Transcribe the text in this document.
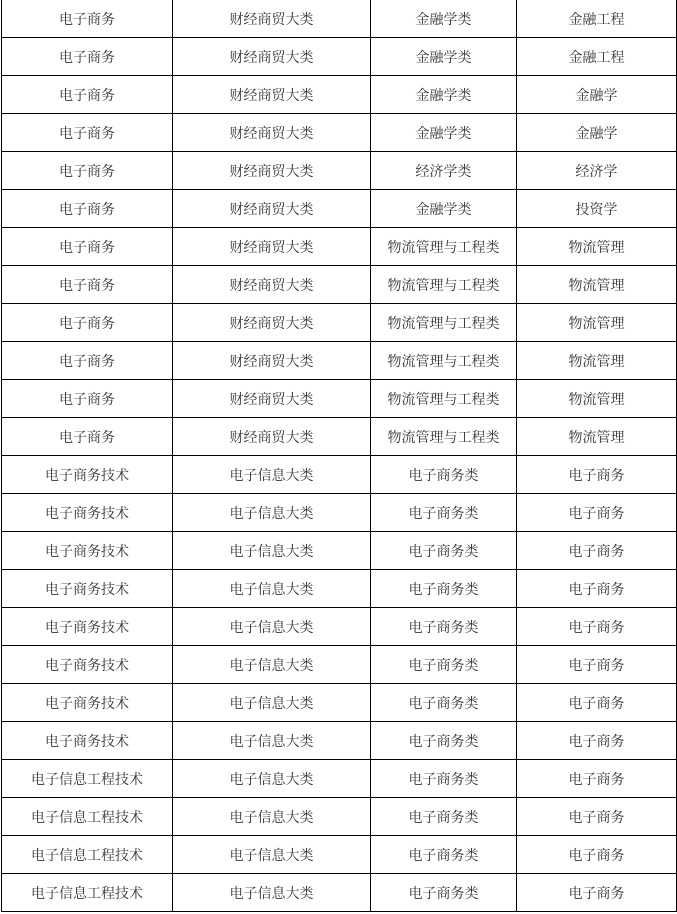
电子商务	财经商贸大类	金融学类	金融工程
电子商务	财经商贸大类	金融学类	金融工程
电子商务	财经商贸大类	金融学类	金融学
电子商务	财经商贸大类	金融学类	金融学
电子商务	财经商贸大类	经济学类	经济学
电子商务	财经商贸大类	金融学类	投资学
电子商务	财经商贸大类	物流管理与工程类	物流管理
电子商务	财经商贸大类	物流管理与工程类	物流管理
电子商务	财经商贸大类	物流管理与工程类	物流管理
电子商务	财经商贸大类	物流管理与工程类	物流管理
电子商务	财经商贸大类	物流管理与工程类	物流管理
电子商务	财经商贸大类	物流管理与工程类	物流管理
电子商务技术	电子信息大类	电子商务类	电子商务
电子商务技术	电子信息大类	电子商务类	电子商务
电子商务技术	电子信息大类	电子商务类	电子商务
电子商务技术	电子信息大类	电子商务类	电子商务
电子商务技术	电子信息大类	电子商务类	电子商务
电子商务技术	电子信息大类	电子商务类	电子商务
电子商务技术	电子信息大类	电子商务类	电子商务
电子商务技术	电子信息大类	电子商务类	电子商务
电子信息工程技术	电子信息大类	电子商务类	电子商务
电子信息工程技术	电子信息大类	电子商务类	电子商务
电子信息工程技术	电子信息大类	电子商务类	电子商务
电子信息工程技术	电子信息大类	电子商务类	电子商务
